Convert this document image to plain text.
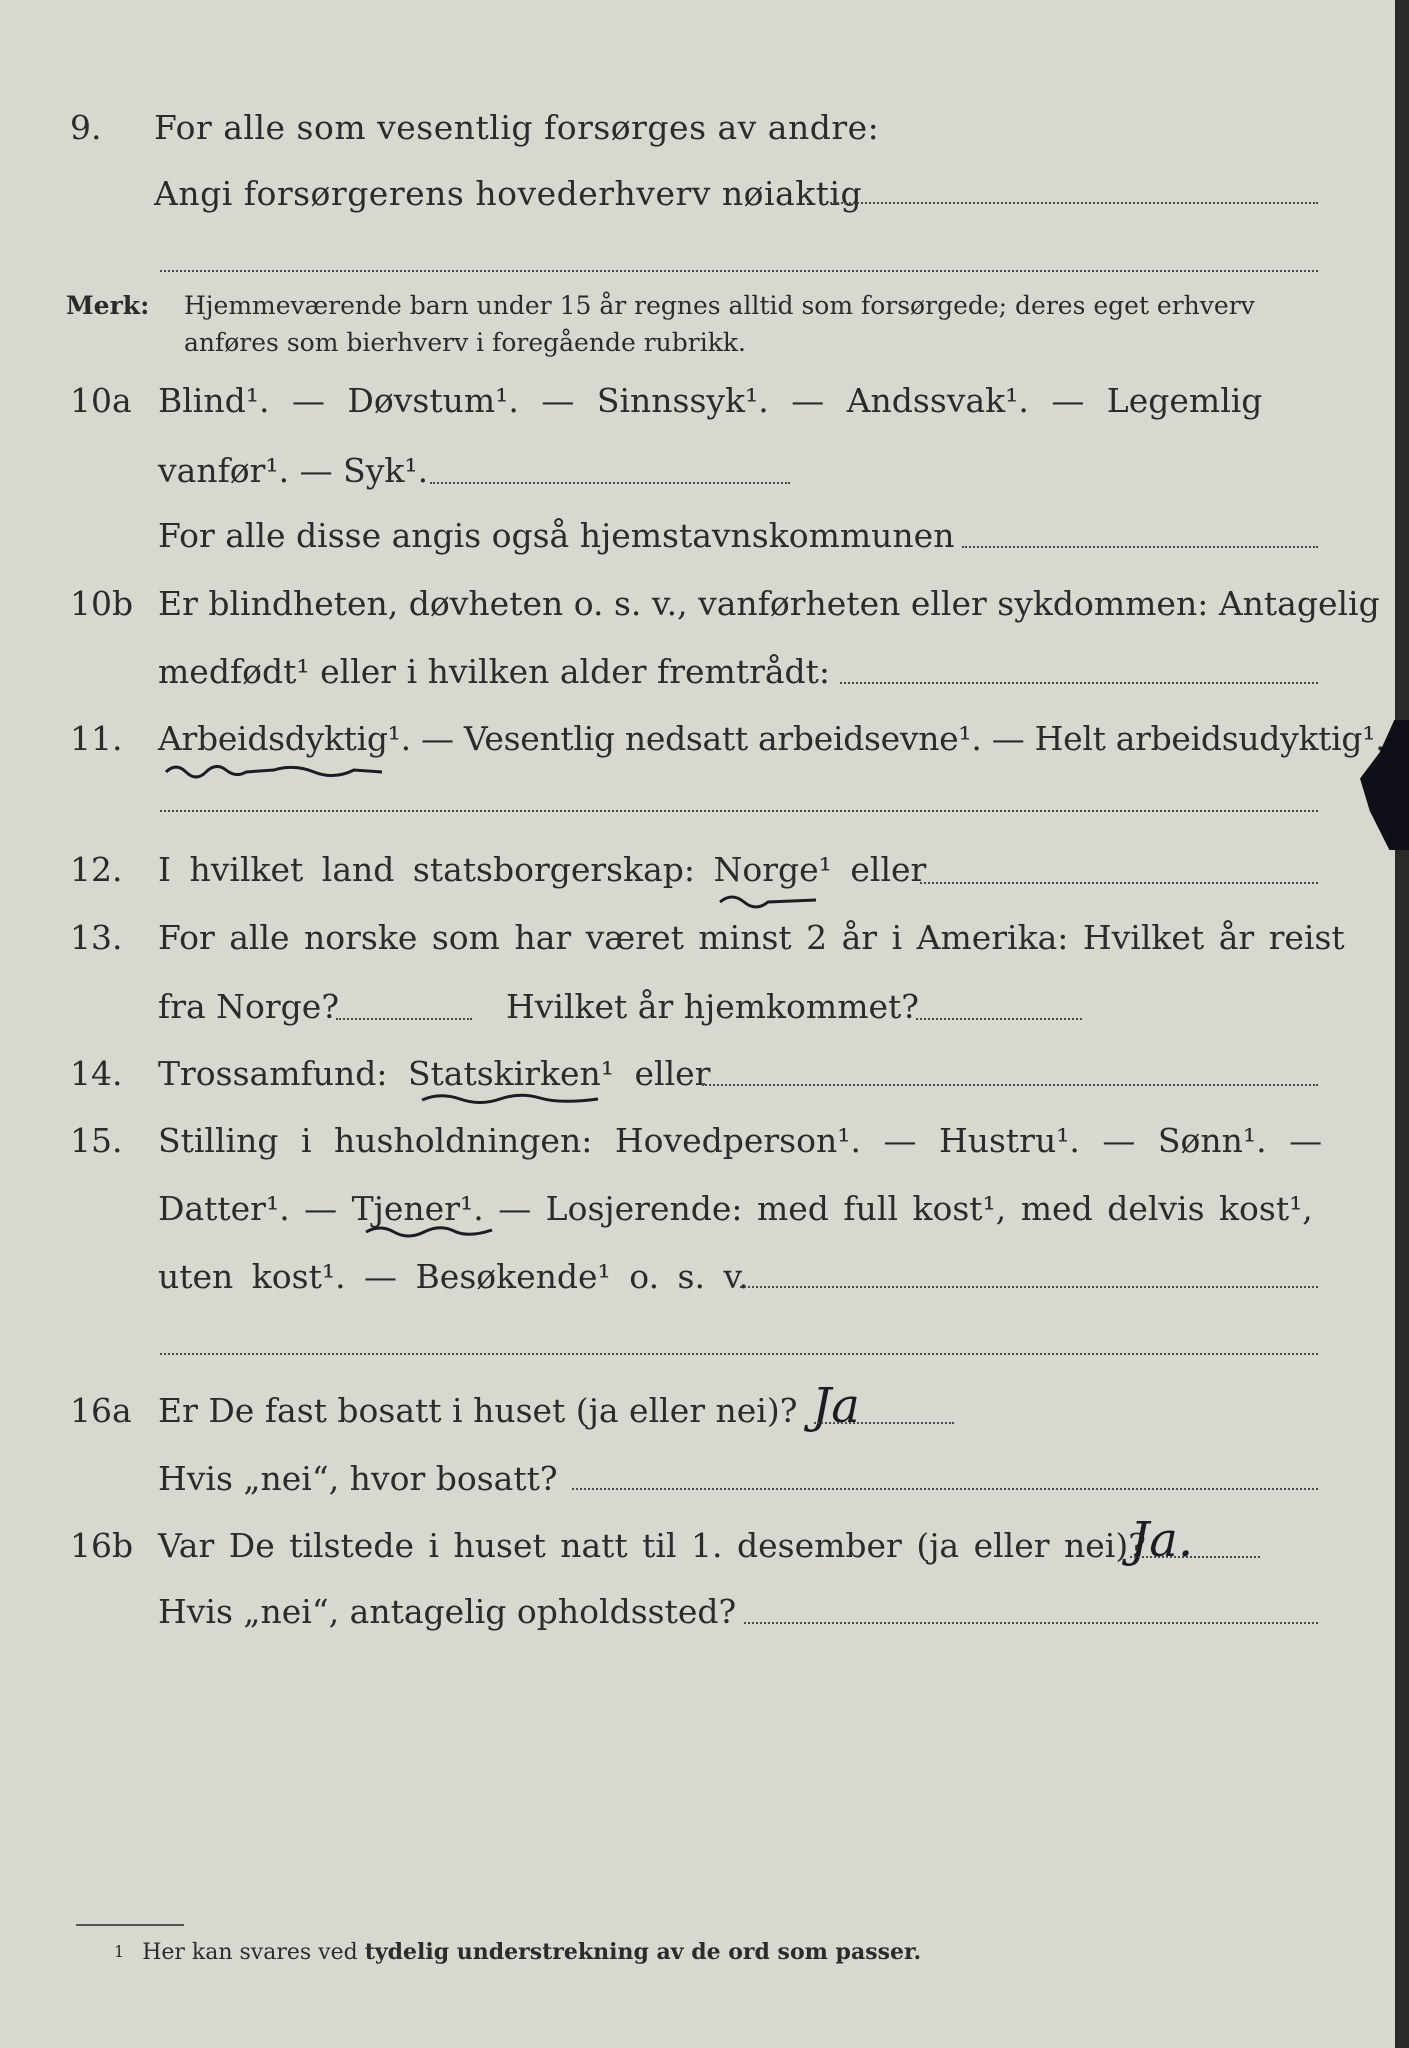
9. For alle som vesentlig forsørges av andre:
Angi forsørgerens hovederhverv nøiaktig
Merk: Hjemmeværende barn under 15 år regnes alltid som forsørgede; deres eget erhverv
anføres som bierhverv i foregående rubrikk.
10a Blind¹. — Døvstum¹. — Sinnssyk¹. — Andssvak¹. — Legemlig
vanfør¹. — Syk¹.
For alle disse angis også hjemstavnskommunen
10b Er blindheten, døvheten o. s. v., vanførheten eller sykdommen: Antagelig
medfødt¹ eller i hvilken alder fremtrådt:
11. Arbeidsdyktig¹. — Vesentlig nedsatt arbeidsevne¹. — Helt arbeidsudyktig¹.
12. I hvilket land statsborgerskap: Norge¹ eller
13. For alle norske som har været minst 2 år i Amerika: Hvilket år reist
fra Norge?	Hvilket år hjemkommet?
14. Trossamfund: Statskirken¹ eller
15. Stilling i husholdningen: Hovedperson¹. — Hustru¹. — Sønn¹. —
Datter¹. — Tjener¹. — Losjerende: med full kost¹, med delvis kost¹,
uten kost¹. — Besøkende¹ o. s. v.
16a Er De fast bosatt i huset (ja eller nei)? Ja
Hvis „nei“, hvor bosatt?
16b Var De tilstede i huset natt til 1. desember (ja eller nei)?
Ja.
Hvis „nei“, antagelig opholdssted?
1 Her kan svares ved tydelig understrekning av de ord som passer.
